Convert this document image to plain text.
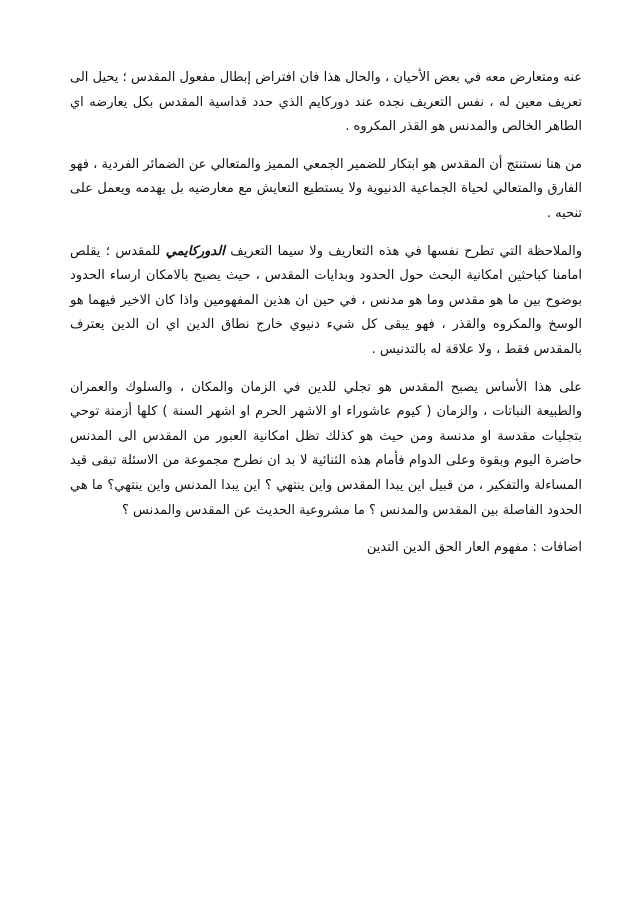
عنه ومتعارض معه في بعض الأحيان ، والحال هذا فان افتراض إبطال مفعول المقدس ؛ يحيل الى تعريف معين له ، نفس التعريف نجده عند دوركايم الذي حدد قداسية المقدس بكل يعارضه اي الطاهر الخالص والمدنس هو القذر المكروه .

من هنا نستنتج أن المقدس هو ابتكار للضمير الجمعي المميز والمتعالي عن الضمائر الفردية ، فهو الفارق والمتعالي لحياة الجماعية الدنيوية ولا يستطيع التعايش مع معارضيه بل يهدمه ويعمل على تنحيه .

والملاحظة التي تطرح نفسها في هذه التعاريف ولا سيما التعريف الدوركايمي للمقدس ؛ يقلص امامنا كباحثين امكانية البحث حول الحدود وبدايات المقدس ، حيث يصبح بالامكان ارساء الحدود بوضوح بين ما هو مقدس وما هو مدنس ، في حين ان هذين المفهومين واذا كان الاخير فيهما هو الوسخ والمكروه والقذر ، فهو يبقى كل شيء دنيوي خارج نطاق الدين اي ان الدين يعترف بالمقدس فقط ، ولا علاقة له بالتدنيس .

على هذا الأساس يصبح المقدس هو تجلي للدين في الزمان والمكان ، والسلوك والعمران والطبيعة النباتات ، والزمان ( كيوم عاشوراء او الاشهر الحرم او اشهر السنة ) كلها أزمنة توحي بتجليات مقدسة او مدنسة ومن حيث هو كذلك تظل امكانية العبور من المقدس الى المدنس حاضرة اليوم وبقوة وعلى الدوام فأمام هذه الثنائية لا بد ان نطرح مجموعة من الاسئلة تبقى قيد المساءلة والتفكير ، من قبيل اين يبدا المقدس واين ينتهي ؟ اين يبدا المدنس واين ينتهي؟ ما هي الحدود الفاصلة بين المقدس والمدنس ؟ ما مشروعية الحديث عن المقدس والمدنس ؟

اضافات : مفهوم العار الحق الدين التدين
